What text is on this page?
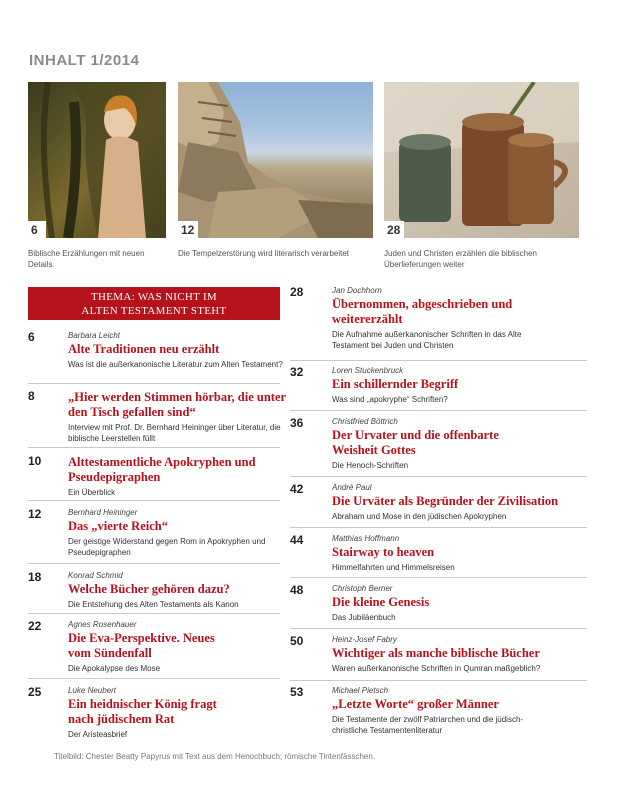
INHALT 1/2014
6	12	28
Biblische Erzählungen mit neuen Details
Die Tempelzerstörung wird literarisch verarbeitet	Juden und Christen erzählen die biblischen Überlieferungen weiter
THEMA: WAS NICHT IM
ALTEN TESTAMENT STEHT
6	Barbara Leicht
Alte Traditionen neu erzählt
Was ist die außerkanonische Literatur zum Alten Testament?
8	„Hier werden Stimmen hörbar, die unter den Tisch gefallen sind“
Interview mit Prof. Dr. Bernhard Heininger über Literatur, die biblische Leerstellen füllt
10 Alttestamentliche Apokryphen und Pseudepigraphen
Ein Überblick
12	Bernhard Heininger
Das „vierte Reich“
Der geistige Widerstand gegen Rom in Apokryphen und Pseudepigraphen
18	Konrad Schmid
Welche Bücher gehören dazu?
Die Entstehung des Alten Testaments als Kanon
22	Agnes Rosenhauer
Die Eva-Perspektive. Neues vom Sündenfall
Die Apokalypse des Mose
25	Luke Neubert
Ein heidnischer König fragt nach jüdischem Rat
Der Aristeasbrief
28	Jan Dochhorn
Übernommen, abgeschrieben und weitererzählt
Die Aufnahme außerkanonischer Schriften in das Alte Testament bei Juden und Christen
32	Loren Stuckenbruck
Ein schillernder Begriff
Was sind „apokryphe“ Schriften?
36	Christfried Böttrich
Der Urvater und die offenbarte Weisheit Gottes
Die Henoch-Schriften
42	André Paul
Die Urväter als Begründer der Zivilisation
Abraham und Mose in den jüdischen Apokryphen
44	Matthias Hoffmann
Stairway to heaven
Himmelfahrten und Himmelsreisen
48	Christoph Berner
Die kleine Genesis
Das Jubiläenbuch
50	Heinz-Josef Fabry
Wichtiger als manche biblische Bücher
Waren außerkanonische Schriften in Qumran maßgeblich?
53	Michael Pietsch
„Letzte Worte“ großer Männer
Die Testamente der zwölf Patriarchen und die jüdisch-christliche Testamentenliteratur
Titelbild: Chester Beatty Papyrus mit Text aus dem Henochbuch; römische Tintenfässchen.
